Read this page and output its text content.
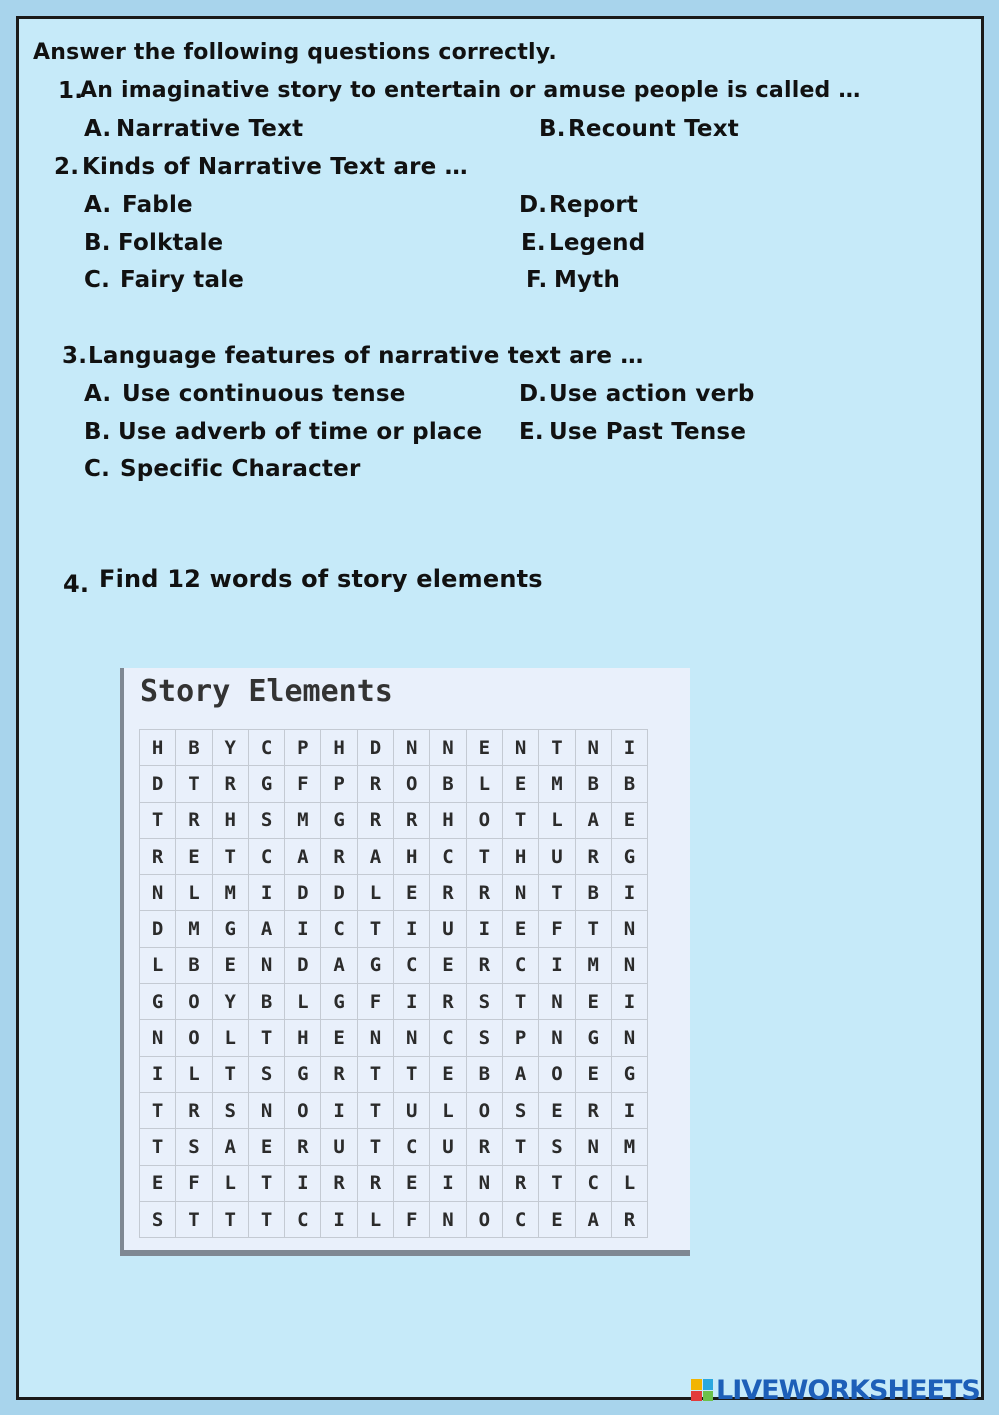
Answer the following questions correctly.

1.

An imaginative story to entertain or amuse people is called …

A. Narrative Text	B. Recount Text

2. Kinds of Narrative Text are …

A. Fable

B. Folktale

C. Fairy tale

D. Report

E. Legend

F. Myth

3. Language features of narrative text are …

A. Use continuous tense

B. Use adverb of time or place

C. Specific Character

D. Use action verb

E. Use Past Tense

4. Find 12 words of story elements

Story Elements

H	B	Y	C	P	H	D	N	N	E	N	T	N	I
D	T	R	G	F	P	R	O	B	L	E	M	B	B
T	R	H	S	M	G	R	R	H	O	T	L	A	E
R	E	T	C	A	R	A	H	C	T	H	U	R	G
N	L	M	I	D	D	L	E	R	R	N	T	B	I
D	M	G	A	I	C	T	I	U	I	E	F	T	N
L	B	E	N	D	A	G	C	E	R	C	I	M	N
G	O	Y	B	L	G	F	I	R	S	T	N	E	I
N	O	L	T	H	E	N	N	C	S	P	N	G	N
I	L	T	S	G	R	T	T	E	B	A	O	E	G
T	R	S	N	O	I	T	U	L	O	S	E	R	I
T	S	A	E	R	U	T	C	U	R	T	S	N	M
E	F	L	T	I	R	R	E	I	N	R	T	C	L
S	T	T	T	C	I	L	F	N	O	C	E	A	R
LIVEWORKSHEETS
